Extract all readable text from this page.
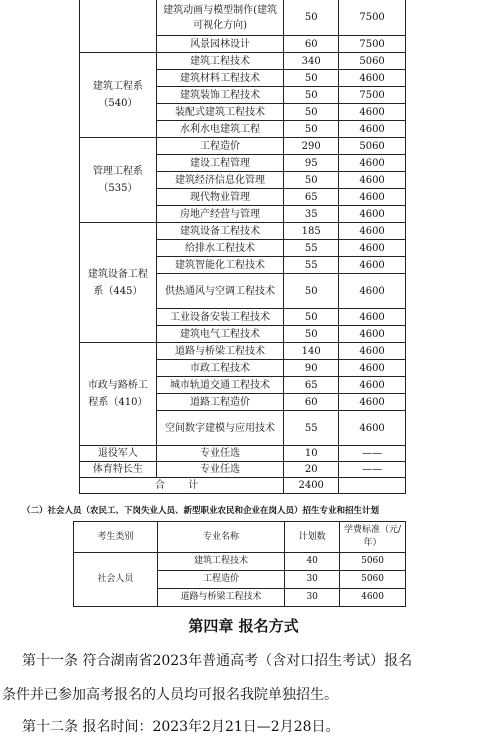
	建筑动画与模型制作(建筑可视化方向)	50	7500
	风景园林设计	60	7500
建筑工程系（540）	建筑工程技术	340	5060
	建筑材料工程技术	50	4600
	建筑装饰工程技术	50	7500
	装配式建筑工程技术	50	4600
	水利水电建筑工程	50	4600
管理工程系（535）	工程造价	290	5060
	建设工程管理	95	4600
	建筑经济信息化管理	50	4600
	现代物业管理	65	4600
	房地产经营与管理	35	4600
建筑设备工程系（445）	建筑设备工程技术	185	4600
	给排水工程技术	55	4600
	建筑智能化工程技术	55	4600
	供热通风与空调工程技术	50	4600
	工业设备安装工程技术	50	4600
	建筑电气工程技术	50	4600
市政与路桥工程系（410）	道路与桥梁工程技术	140	4600
	市政工程技术	90	4600
	城市轨道交通工程技术	65	4600
	道路工程造价	60	4600
	空间数字建模与应用技术	55	4600
退役军人	专业任选	10	——
体育特长生	专业任选	20	——
合 计		2400	
（二）社会人员（农民工、下岗失业人员、新型职业农民和企业在岗人员）招生专业和招生计划
考生类别	专业名称	计划数	学费标准（元/年）
社会人员	建筑工程技术	40	5060
	工程造价	30	5060
	道路与桥梁工程技术	30	4600
第四章 报名方式
第十一条 符合湖南省2023年普通高考（含对口招生考试）报名
条件并已参加高考报名的人员均可报名我院单独招生。
第十二条 报名时间：2023年2月21日—2月28日。
